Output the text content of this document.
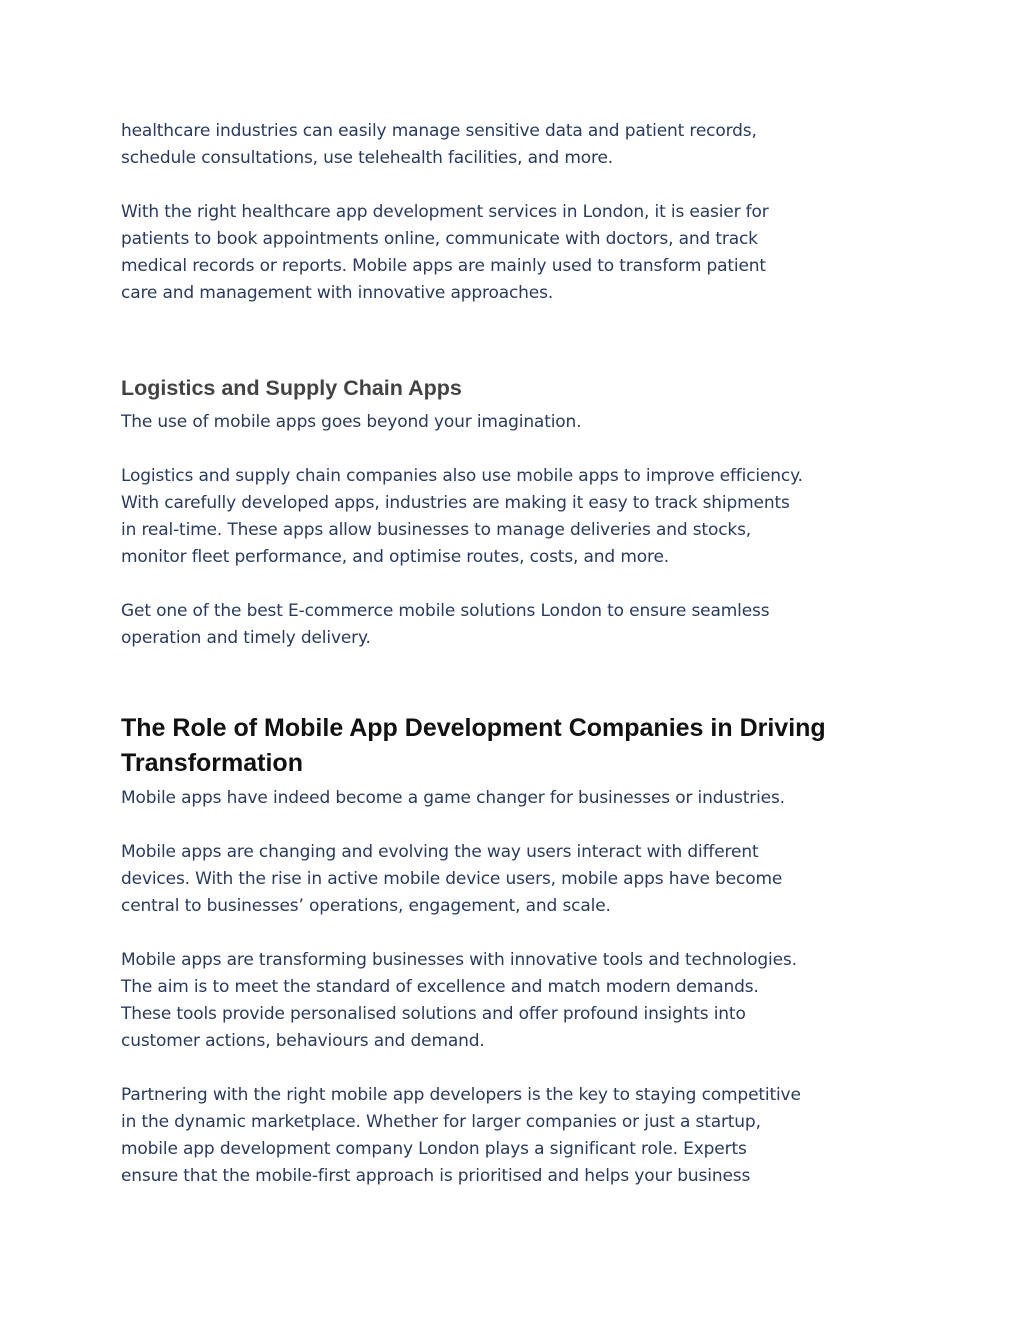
healthcare industries can easily manage sensitive data and patient records,
schedule consultations, use telehealth facilities, and more.

With the right healthcare app development services in London, it is easier for
patients to book appointments online, communicate with doctors, and track
medical records or reports. Mobile apps are mainly used to transform patient
care and management with innovative approaches.

Logistics and Supply Chain Apps

The use of mobile apps goes beyond your imagination.

Logistics and supply chain companies also use mobile apps to improve efficiency.
With carefully developed apps, industries are making it easy to track shipments
in real-time. These apps allow businesses to manage deliveries and stocks,
monitor fleet performance, and optimise routes, costs, and more.

Get one of the best E-commerce mobile solutions London to ensure seamless
operation and timely delivery.

The Role of Mobile App Development Companies in Driving
Transformation

Mobile apps have indeed become a game changer for businesses or industries.

Mobile apps are changing and evolving the way users interact with different
devices. With the rise in active mobile device users, mobile apps have become
central to businesses’ operations, engagement, and scale.

Mobile apps are transforming businesses with innovative tools and technologies.
The aim is to meet the standard of excellence and match modern demands.
These tools provide personalised solutions and offer profound insights into
customer actions, behaviours and demand.

Partnering with the right mobile app developers is the key to staying competitive
in the dynamic marketplace. Whether for larger companies or just a startup,
mobile app development company London plays a significant role. Experts
ensure that the mobile-first approach is prioritised and helps your business
